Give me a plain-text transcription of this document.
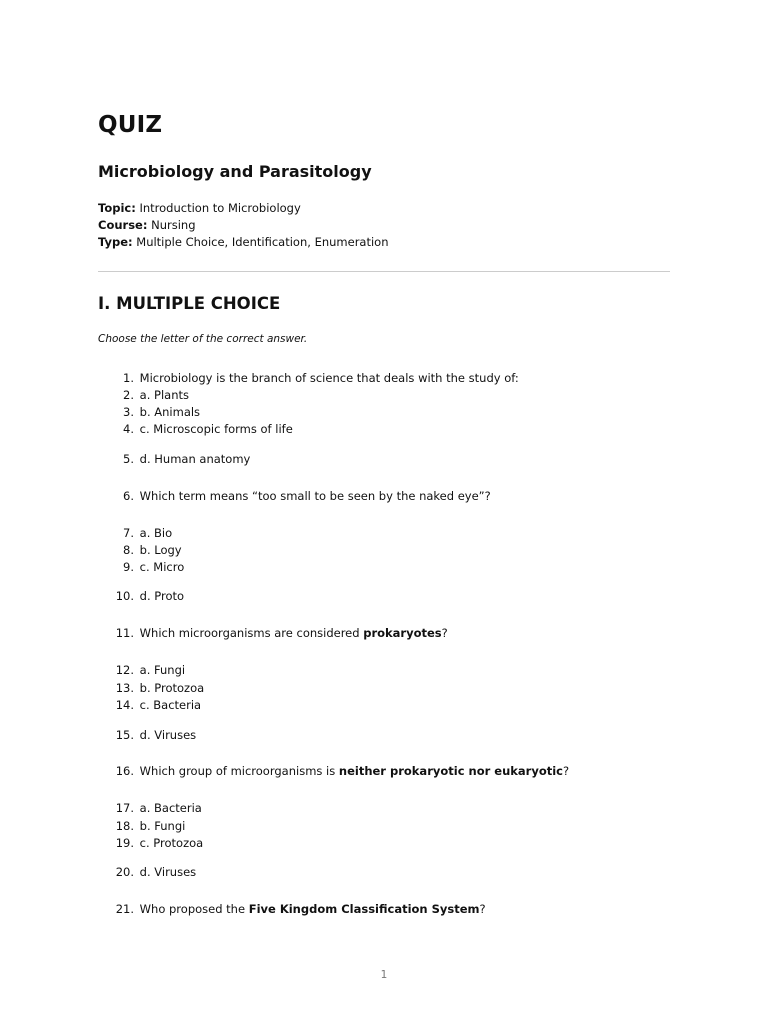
QUIZ
Microbiology and Parasitology
Topic: Introduction to Microbiology
Course: Nursing
Type: Multiple Choice, Identification, Enumeration
I. MULTIPLE CHOICE

Choose the letter of the correct answer.

1. Microbiology is the branch of science that deals with the study of:
2. a. Plants
3. b. Animals
4. c. Microscopic forms of life
5. d. Human anatomy
6. Which term means “too small to be seen by the naked eye”?
7. a. Bio
8. b. Logy
9. c. Micro
10. d. Proto
11. Which microorganisms are considered prokaryotes?
12. a. Fungi
13. b. Protozoa
14. c. Bacteria
15. d. Viruses
16. Which group of microorganisms is neither prokaryotic nor eukaryotic?
17. a. Bacteria
18. b. Fungi
19. c. Protozoa
20. d. Viruses
21. Who proposed the Five Kingdom Classification System?
1
